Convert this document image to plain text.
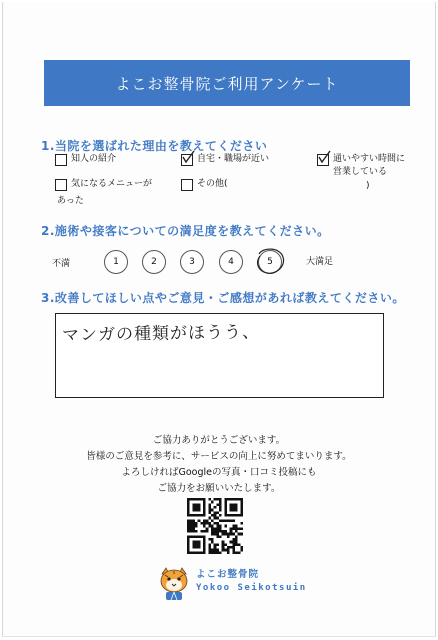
よこお整骨院ご利用アンケート
1.当院を選ばれた理由を教えてください
知人の紹介	自宅・職場が近い	通いやすい時間に
営業している
気になるメニューが
あった
その他(	)
2.施術や接客についての満足度を教えてください。
不満	1	2	3	4	5	大満足
3.改善してほしい点やご意見・ご感想があれば教えてください。
マンガの種類がほうう、
ご協力ありがとうございます。
皆様のご意見を参考に、サービスの向上に努めてまいります。
よろしければGoogleの写真・口コミ投稿にも
ご協力をお願いいたします。
よこお整骨院
Yokoo Seikotsuin
